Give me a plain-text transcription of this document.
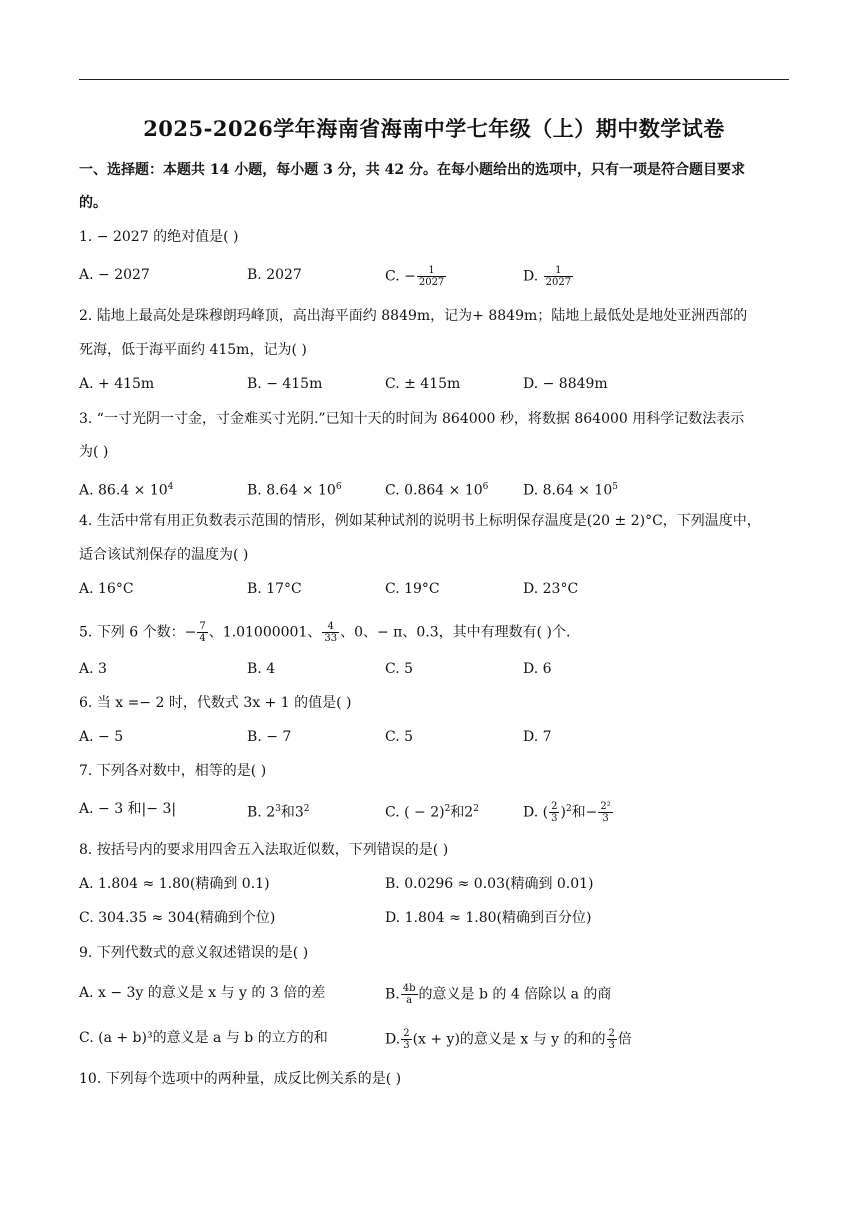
2025-2026学年海南省海南中学七年级（上）期中数学试卷
一、选择题：本题共 14 小题，每小题 3 分，共 42 分。在每小题给出的选项中，只有一项是符合题目要求
的。
1. − 2027 的绝对值是( )
A. − 2027	B. 2027	C. − $\frac{1}{2027}$	D. $\frac{1}{2027}$
2. 陆地上最高处是珠穆朗玛峰顶，高出海平面约 8849m，记为+ 8849m；陆地上最低处是地处亚洲西部的
死海，低于海平面约 415m，记为( )
A. + 415m	B. − 415m	C. ± 415m	D. − 8849m
3. “一寸光阴一寸金，寸金难买寸光阴.”已知十天的时间为 864000 秒，将数据 864000 用科学记数法表示
为( )
A. $86.4 \times 10^4$	B. $8.64 \times 10^6$	C. $0.864 \times 10^6$ D. $8.64 \times 10^5$
4. 生活中常有用正负数表示范围的情形，例如某种试剂的说明书上标明保存温度是(20 ± 2)°C，下列温度中，
适合该试剂保存的温度为( )
A. 16°C	B. 17°C	C. 19°C	D. 23°C
5. 下列 6 个数：− $\frac{7}{4}$ 、1.01000001、 $\frac{4}{33}$ 、0、− π、0.3，其中有理数有( )个.
A. 3	B. 4	C. 5	D. 6
6. 当 x =− 2 时，代数式 3x + 1 的值是( )
A. − 5	B. − 7	C. 5	D. 7
7. 下列各对数中，相等的是( )
A. − 3 和|− 3|	B. $2^3$和$3^2$	C. ( − 2)$^2$和$2^2$	D. ( $\frac{2}{3} )^2$和− $\frac{\text{2²}}{3}$
8. 按括号内的要求用四舍五入法取近似数，下列错误的是( )
A. 1.804 ≈ 1.80(精确到 0.1)	B. 0.0296 ≈ 0.03(精确到 0.01)
C. 304.35 ≈ 304(精确到个位)	D. 1.804 ≈ 1.80(精确到百分位)
9. 下列代数式的意义叙述错误的是( )
A. x − 3y 的意义是 x 与 y 的 3 倍的差	B. $\frac{4b}{a}$ 的意义是 b 的 4 倍除以 a 的商
C. (a + b)³的意义是 a 与 b 的立方的和	D. $\frac{2}{3} (x + y)$的意义是 x 与 y 的和的 $\frac{2}{3}$ 倍
10. 下列每个选项中的两种量，成反比例关系的是( )
